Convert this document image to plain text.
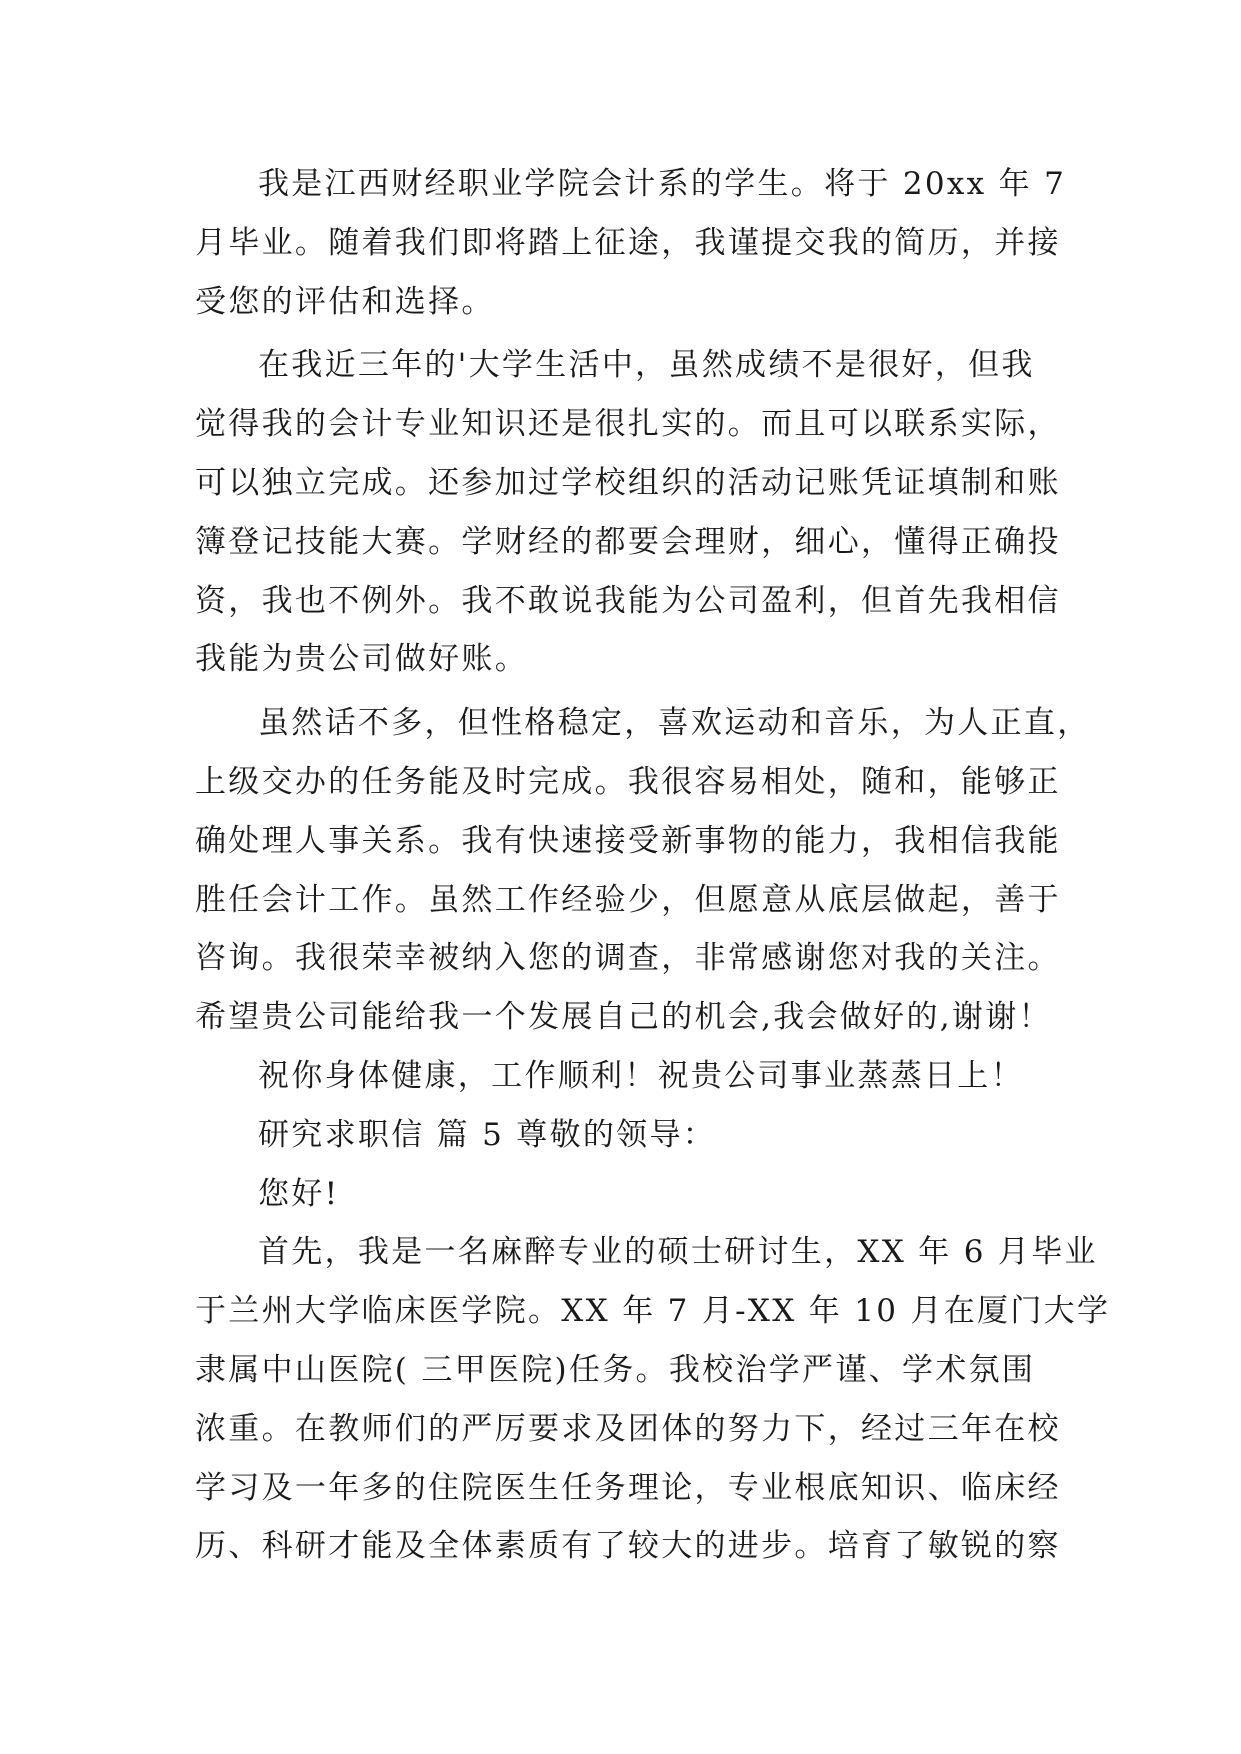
我是江西财经职业学院会计系的学生。将于 20xx 年 7
月毕业。随着我们即将踏上征途，我谨提交我的简历，并接
受您的评估和选择。
在我近三年的'大学生活中，虽然成绩不是很好，但我
觉得我的会计专业知识还是很扎实的。而且可以联系实际，
可以独立完成。还参加过学校组织的活动记账凭证填制和账
簿登记技能大赛。学财经的都要会理财，细心，懂得正确投
资，我也不例外。我不敢说我能为公司盈利，但首先我相信
我能为贵公司做好账。
虽然话不多，但性格稳定，喜欢运动和音乐，为人正直，
上级交办的任务能及时完成。我很容易相处，随和，能够正
确处理人事关系。我有快速接受新事物的能力，我相信我能
胜任会计工作。虽然工作经验少，但愿意从底层做起，善于
咨询。我很荣幸被纳入您的调查，非常感谢您对我的关注。
希望贵公司能给我一个发展自己的机会,我会做好的,谢谢！
祝你身体健康，工作顺利！祝贵公司事业蒸蒸日上！
研究求职信 篇 5 尊敬的领导：
您好!
首先，我是一名麻醉专业的硕士研讨生，XX 年 6 月毕业
于兰州大学临床医学院。XX 年 7 月-XX 年 10 月在厦门大学
隶属中山医院( 三甲医院)任务。我校治学严谨、学术氛围
浓重。在教师们的严厉要求及团体的努力下，经过三年在校
学习及一年多的住院医生任务理论，专业根底知识、临床经
历、科研才能及全体素质有了较大的进步。培育了敏锐的察
